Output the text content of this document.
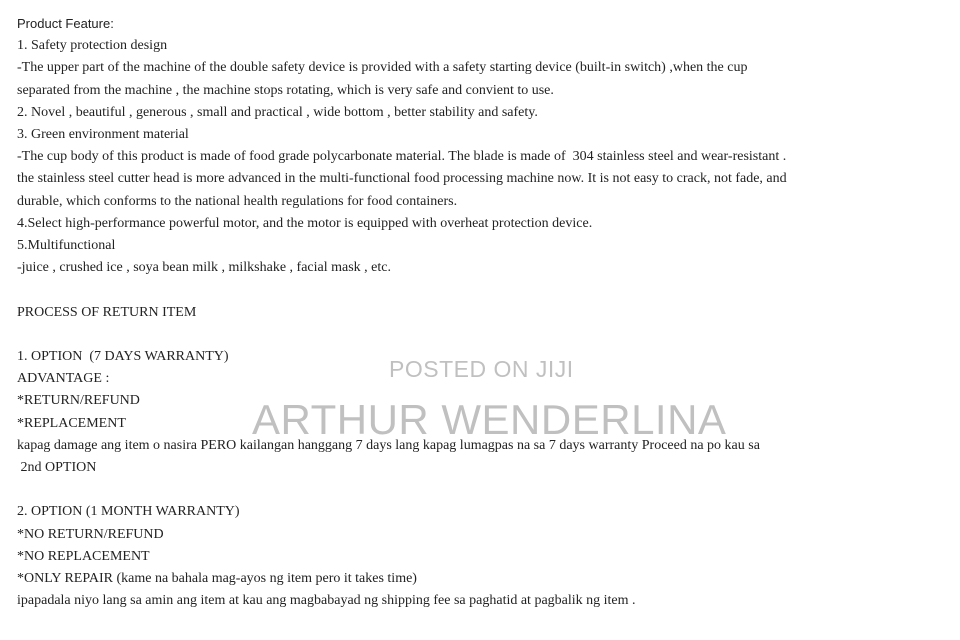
Product Feature:
1. Safety protection design
-The upper part of the machine of the double safety device is provided with a safety starting device (built-in switch) ,when the cup
separated from the machine , the machine stops rotating, which is very safe and convient to use.
2. Novel , beautiful , generous , small and practical , wide bottom , better stability and safety.
3. Green environment material
-The cup body of this product is made of food grade polycarbonate material. The blade is made of  304 stainless steel and wear-resistant .
the stainless steel cutter head is more advanced in the multi-functional food processing machine now. It is not easy to crack, not fade, and
durable, which conforms to the national health regulations for food containers.
4.Select high-performance powerful motor, and the motor is equipped with overheat protection device.
5.Multifunctional
-juice , crushed ice , soya bean milk , milkshake , facial mask , etc.
PROCESS OF RETURN ITEM
1. OPTION  (7 DAYS WARRANTY)
ADVANTAGE :
*RETURN/REFUND
*REPLACEMENT
kapag damage ang item o nasira PERO kailangan hanggang 7 days lang kapag lumagpas na sa 7 days warranty Proceed na po kau sa
2nd OPTION
2. OPTION (1 MONTH WARRANTY)
*NO RETURN/REFUND
*NO REPLACEMENT
*ONLY REPAIR (kame na bahala mag-ayos ng item pero it takes time)
ipapadala niyo lang sa amin ang item at kau ang magbabayad ng shipping fee sa paghatid at pagbalik ng item .
POSTED ON JIJI
ARTHUR WENDERLINA
